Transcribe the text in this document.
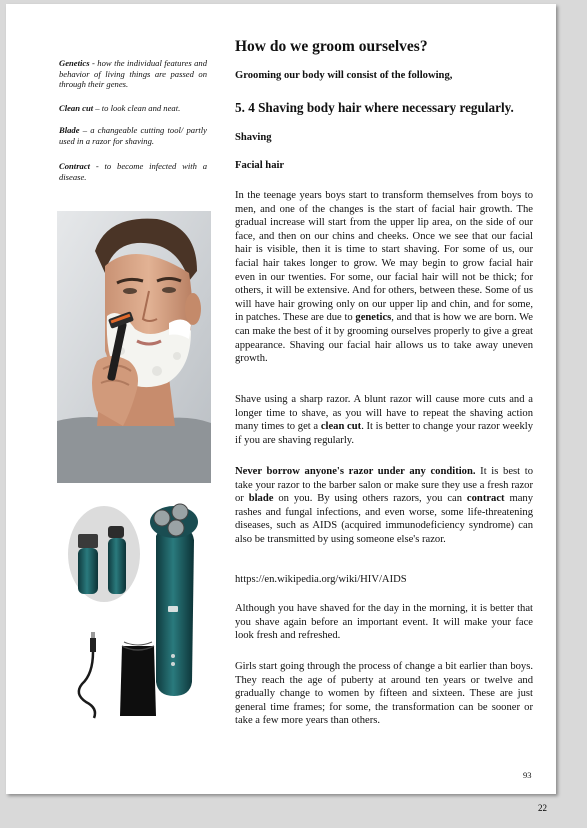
Genetics - how the individual features and behavior of living things are passed on through their genes.
Clean cut – to look clean and neat.
Blade – a changeable cutting tool/ partly used in a razor for shaving.
Contract - to become infected with a disease.
How do we groom ourselves?
Grooming our body will consist of the following,
5. 4 Shaving body hair where necessary regularly.
Shaving
Facial hair
In the teenage years boys start to transform themselves from boys to men, and one of the changes is the start of facial hair growth. The gradual increase will start from the upper lip area, on the side of our face, and then on our chins and cheeks. Once we see that our facial hair is visible, then it is time to start shaving. For some of us, our facial hair takes longer to grow. We may begin to grow facial hair even in our twenties. For some, our facial hair will not be thick; for others, it will be extensive. And for others, between these. Some of us will have hair growing only on our upper lip and chin, and for some, in patches. These are due to genetics, and that is how we are born. We can make the best of it by grooming ourselves properly to give a great appearance. Shaving our facial hair allows us to take away uneven growth.
Shave using a sharp razor. A blunt razor will cause more cuts and a longer time to shave, as you will have to repeat the shaving action many times to get a clean cut. It is better to change your razor weekly if you are shaving regularly.
Never borrow anyone's razor under any condition. It is best to take your razor to the barber salon or make sure they use a fresh razor or blade on you. By using others razors, you can contract many rashes and fungal infections, and even worse, some life-threatening diseases, such as AIDS (acquired immunodeficiency syndrome) can also be transmitted by using someone else's razor.
https://en.wikipedia.org/wiki/HIV/AIDS
Although you have shaved for the day in the morning, it is better that you shave again before an important event. It will make your face look fresh and refreshed.
Girls start going through the process of change a bit earlier than boys. They reach the age of puberty at around ten years or twelve and gradually change to women by fifteen and sixteen. These are just general time frames; for some, the transformation can be sooner or take a few more years than others.
93
22
